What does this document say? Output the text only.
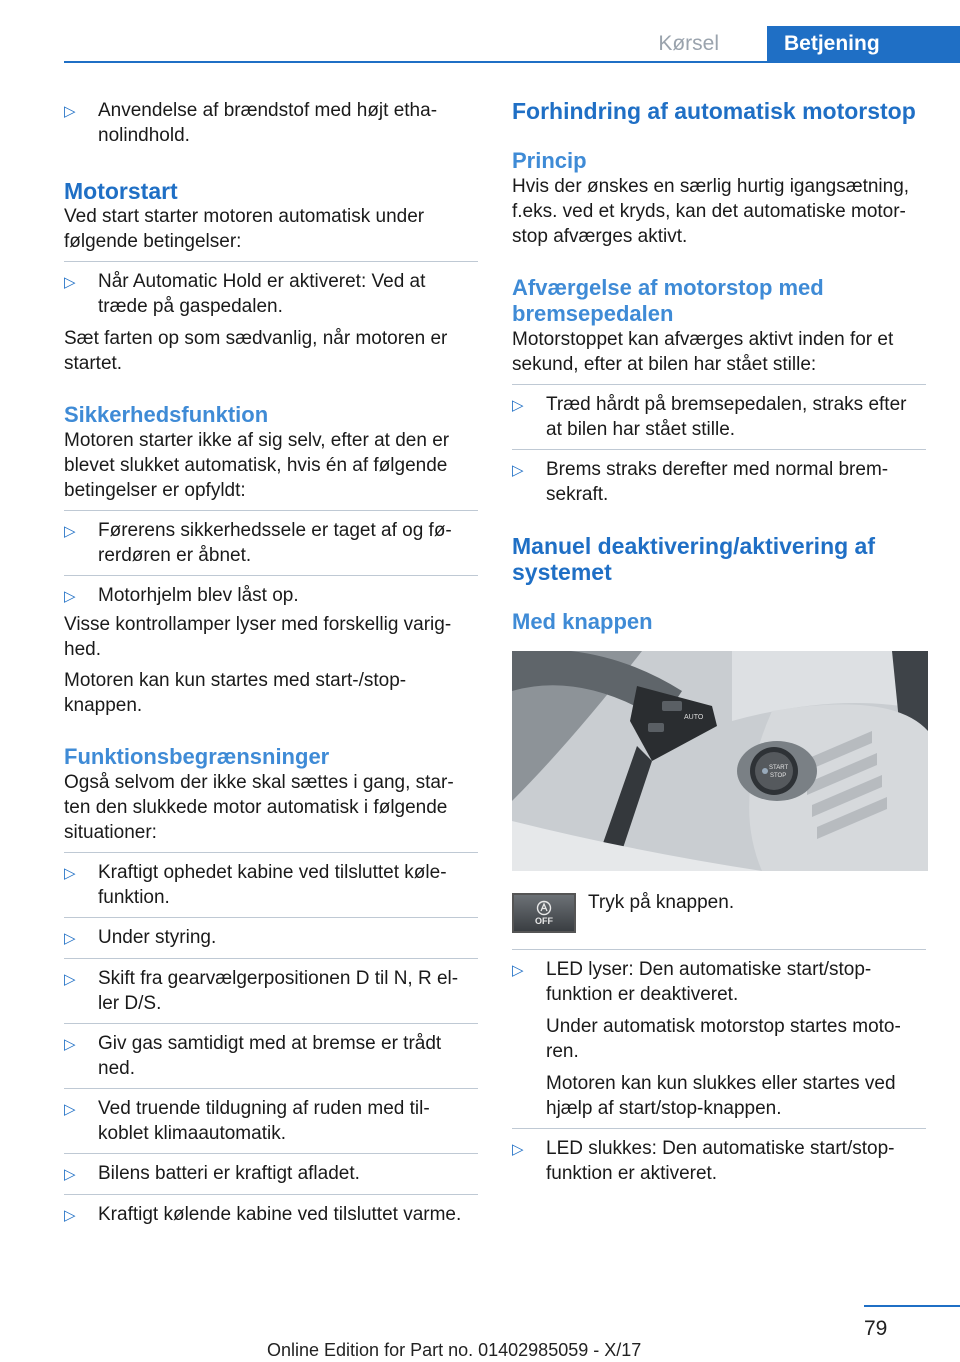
Kørsel	Betjening
▷	Anvendelse af brændstof med højt etha-nolindhold.
Motorstart

Ved start starter motoren automatisk under følgende betingelser:

▷	Når Automatic Hold er aktiveret: Ved at træde på gaspedalen.

Sæt farten op som sædvanlig, når motoren er startet.

Sikkerhedsfunktion

Motoren starter ikke af sig selv, efter at den er blevet slukket automatisk, hvis én af følgende betingelser er opfyldt:

▷	Førerens sikkerhedssele er taget af og fø-rerdøren er åbnet.
▷	Motorhjelm blev låst op.

Visse kontrollamper lyser med forskellig varig-hed.

Motoren kan kun startes med start-/stop-knappen.

Funktionsbegrænsninger

Også selvom der ikke skal sættes i gang, star-ten den slukkede motor automatisk i følgende situationer:

▷	Kraftigt ophedet kabine ved tilsluttet køle-funktion.
▷	Under styring.
▷	Skift fra gearvælgerpositionen D til N, R el-ler D/S.
▷	Giv gas samtidigt med at bremse er trådt ned.
▷	Ved truende tildugning af ruden med til-koblet klimaautomatik.
▷	Bilens batteri er kraftigt afladet.
▷	Kraftigt kølende kabine ved tilsluttet varme.
Forhindring af automatisk motorstop
Princip

Hvis der ønskes en særlig hurtig igangsætning, f.eks. ved et kryds, kan det automatiske motor-stop afværges aktivt.

Afværgelse af motorstop med bremsepedalen

Motorstoppet kan afværges aktivt inden for et sekund, efter at bilen har stået stille:

▷	Træd hårdt på bremsepedalen, straks efter at bilen har stået stille.
▷	Brems straks derefter med normal brem-sekraft.
Manuel deaktivering/aktivering af systemet
Med knappen
AUTO
START
STOP
OFF

Tryk på knappen.

▷	LED lyser: Den automatiske start/stop-funktion er deaktiveret.
Under automatisk motorstop startes moto-ren.
Motoren kan kun slukkes eller startes ved hjælp af start/stop-knappen.
▷	LED slukkes: Den automatiske start/stop-funktion er aktiveret.
79
Online Edition for Part no. 01402985059 - X/17
